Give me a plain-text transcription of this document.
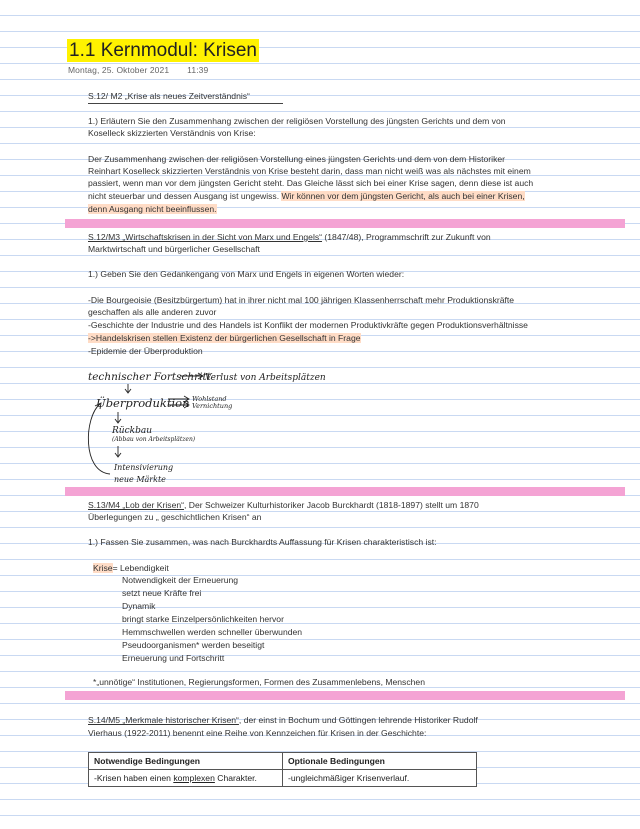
1.1 Kernmodul: Krisen
Montag, 25. Oktober 2021 11:39
S.12/ M2 „Krise als neues Zeitverständnis“
1.) Erläutern Sie den Zusammenhang zwischen der religiösen Vorstellung des jüngsten Gerichts und dem von
Koselleck skizzierten Verständnis von Krise:
Der Zusammenhang zwischen der religiösen Vorstellung eines jüngsten Gerichts und dem von dem Historiker
Reinhart Koselleck skizzierten Verständnis von Krise besteht darin, dass man nicht weiß was als nächstes mit einem
passiert, wenn man vor dem jüngsten Gericht steht. Das Gleiche lässt sich bei einer Krise sagen, denn diese ist auch
nicht steuerbar und dessen Ausgang ist ungewiss. Wir können vor dem jüngsten Gericht, als auch bei einer Krisen,
denn Ausgang nicht beeinflussen.
S.12/M3 „Wirtschaftskrisen in der Sicht von Marx und Engels“ (1847/48), Programmschrift zur Zukunft von
Marktwirtschaft und bürgerlicher Gesellschaft
1.) Geben Sie den Gedankengang von Marx und Engels in eigenen Worten wieder:
-Die Bourgeoisie (Besitzbürgertum) hat in ihrer nicht mal 100 jährigen Klassenherrschaft mehr Produktionskräfte
geschaffen als alle anderen zuvor
-Geschichte der Industrie und des Handels ist Konflikt der modernen Produktivkräfte gegen Produktionsverhältnisse
->Handelskrisen stellen Existenz der bürgerlichen Gesellschaft in Frage
-Epidemie der Überproduktion
technischer Fortschritt
Verlust von Arbeitsplätzen
Überproduktion Wohlstand
Vernichtung
Rückbau
(Abbau von Arbeitsplätzen)
Intensivierung
neue Märkte
S.13/M4 „Lob der Krisen“, Der Schweizer Kulturhistoriker Jacob Burckhardt (1818-1897) stellt um 1870
Überlegungen zu „ geschichtlichen Krisen“ an
1.) Fassen Sie zusammen, was nach Burckhardts Auffassung für Krisen charakteristisch ist:
Krise= Lebendigkeit
Notwendigkeit der Erneuerung
setzt neue Kräfte frei
Dynamik
bringt starke Einzelpersönlichkeiten hervor
Hemmschwellen werden schneller überwunden
Pseudoorganismen* werden beseitigt
Erneuerung und Fortschritt
*„unnötige“ Institutionen, Regierungsformen, Formen des Zusammenlebens, Menschen
S.14/M5 „Merkmale historischer Krisen“, der einst in Bochum und Göttingen lehrende Historiker Rudolf
Vierhaus (1922-2011) benennt eine Reihe von Kennzeichen für Krisen in der Geschichte:
Notwendige Bedingungen	Optionale Bedingungen
-Krisen haben einen komplexen Charakter.	-ungleichmäßiger Krisenverlauf.
